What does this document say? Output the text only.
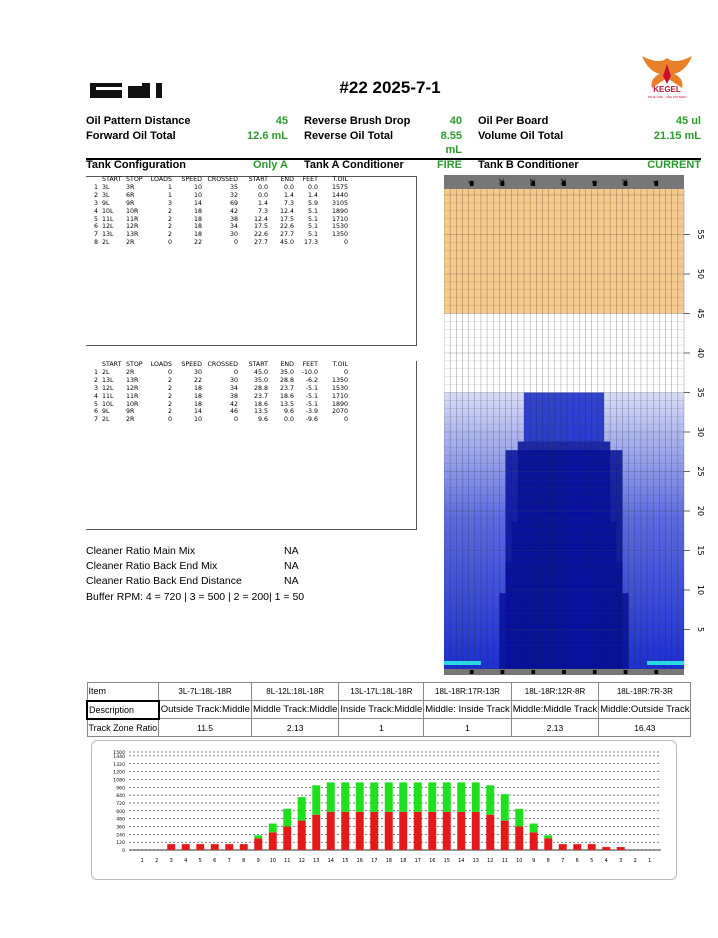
#22 2025-7-1	KEGEL
TRUE ONE · ONE PATTERN
Oil Pattern Distance	45 Reverse Brush Drop	40 Oil Per Board	45 ul
Forward Oil Total	12.6 mL Reverse Oil Total	8.55 mL
Volume Oil Total	21.15 mL
Tank Configuration	Only A Tank A Conditioner	FIRE Tank B Conditioner	CURRENT
	START	STOP	LOADS	SPEED	CROSSED	START	END	FEET	T.OIL
1	3L	3R	1	10	35	0.0	0.0	0.0	1575
2	3L	6R	1	10	32	0.0	1.4	1.4	1440
3	9L	9R	3	14	69	1.4	7.3	5.9	3105
4	10L	10R	2	18	42	7.3	12.4	5.1	1890
5	11L	11R	2	18	38	12.4	17.5	5.1	1710
6	12L	12R	2	18	34	17.5	22.6	5.1	1530
7	13L	13R	2	18	30	22.6	27.7	5.1	1350
8	2L	2R	0	22	0	27.7	45.0	17.3	0
	START	STOP	LOADS	SPEED	CROSSED	START	END	FEET	T.OIL
1	2L	2R	0	30	0	45.0	35.0	-10.0	0
2	13L	13R	2	22	30	35.0	28.8	-6.2	1350
3	12L	12R	2	18	34	28.8	23.7	-5.1	1530
4	11L	11R	2	18	38	23.7	18.6	-5.1	1710
5	10L	10R	2	18	42	18.6	13.5	-5.1	1890
6	9L	9R	2	14	46	13.5	9.6	-3.9	2070
7	2L	2R	0	10	0	9.6	0.0	-9.6	0
Cleaner Ratio Main Mix	NA
Cleaner Ratio Back End Mix	NA
Cleaner Ratio Back End Distance	NA
Buffer RPM: 4 = 720 | 3 = 500 | 2 = 200| 1 = 50
5	10	15	20	5	10	5
55
50
45
40
35
30
25
20
15
10
5
Item	3L-7L:18L-18R	8L-12L:18L-18R	13L-17L:18L-18R	18L-18R:17R-13R	18L-18R:12R-8R	18L-18R:7R-3R
Description	Outside Track:Middle	Middle Track:Middle	Inside Track:Middle	Middle: Inside Track	Middle:Middle Track	Middle:Outside Track
Track Zone Ratio	11.5	2.13	1	1	2.13	16.43
0
120
240
360
480
600
720
840
960
1080
1200
1320
1440
1500
1 2 3 4 5 6 7 8 9 10 11 12 13 14 15 16 17 18 18 17 16 15 14 13 12 11 10 9 8 7 6 5 4 3 2 1
